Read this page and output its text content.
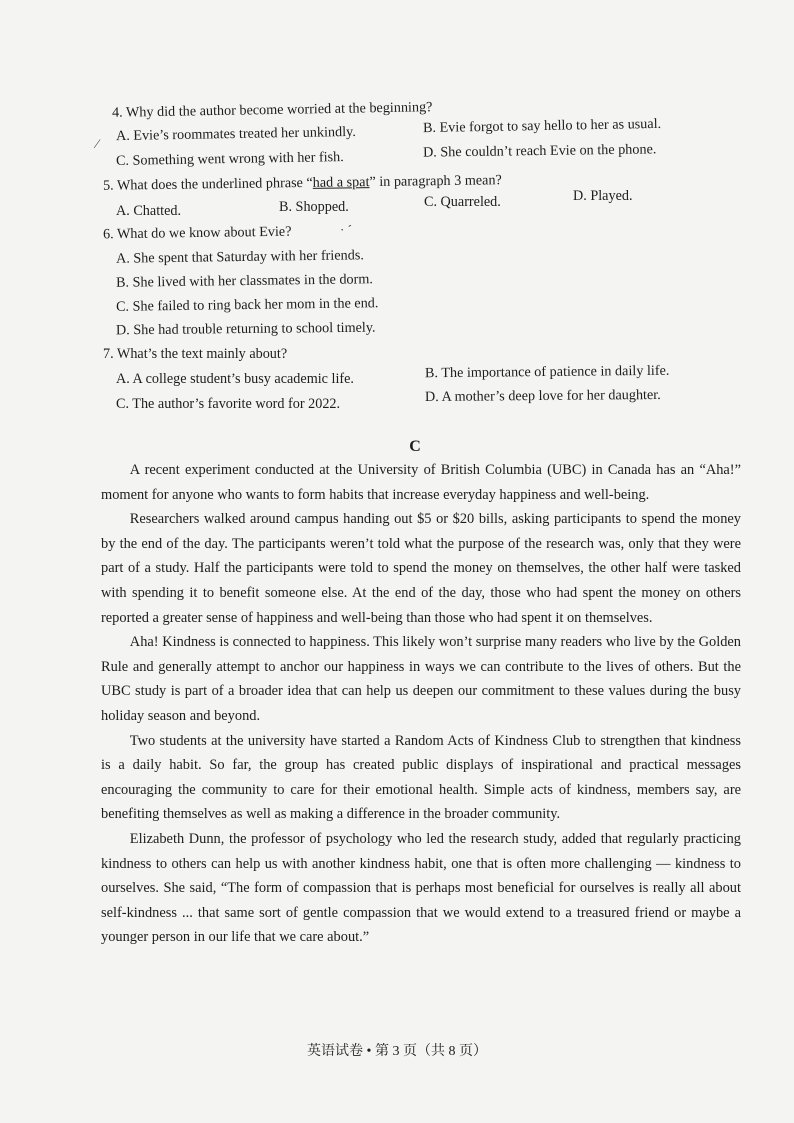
⁄
· ˊ
4. Why did the author become worried at the beginning?
A. Evie’s roommates treated her unkindly.	B. Evie forgot to say hello to her as usual.
C. Something went wrong with her fish.	D. She couldn’t reach Evie on the phone.
5. What does the underlined phrase “had a spat” in paragraph 3 mean?
A. Chatted.	B. Shopped.	C. Quarreled.	D. Played.
6. What do we know about Evie?
A. She spent that Saturday with her friends.
B. She lived with her classmates in the dorm.
C. She failed to ring back her mom in the end.
D. She had trouble returning to school timely.
7. What’s the text mainly about?
A. A college student’s busy academic life.	B. The importance of patience in daily life.
C. The author’s favorite word for 2022.	D. A mother’s deep love for her daughter.
C

A recent experiment conducted at the University of British Columbia (UBC) in Canada has an “Aha!” moment for anyone who wants to form habits that increase everyday happiness and well-being.

Researchers walked around campus handing out $5 or $20 bills, asking participants to spend the money by the end of the day. The participants weren’t told what the purpose of the research was, only that they were part of a study. Half the participants were told to spend the money on themselves, the other half were tasked with spending it to benefit someone else. At the end of the day, those who had spent the money on others reported a greater sense of happiness and well-being than those who had spent it on themselves.

Aha! Kindness is connected to happiness. This likely won’t surprise many readers who live by the Golden Rule and generally attempt to anchor our happiness in ways we can contribute to the lives of others. But the UBC study is part of a broader idea that can help us deepen our commitment to these values during the busy holiday season and beyond.

Two students at the university have started a Random Acts of Kindness Club to strengthen that kindness is a daily habit. So far, the group has created public displays of inspirational and practical messages encouraging the community to care for their emotional health. Simple acts of kindness, members say, are benefiting themselves as well as making a difference in the broader community.

Elizabeth Dunn, the professor of psychology who led the research study, added that regularly practicing kindness to others can help us with another kindness habit, one that is often more challenging — kindness to ourselves. She said, “The form of compassion that is perhaps most beneficial for ourselves is really all about self-kindness ... that same sort of gentle compassion that we would extend to a treasured friend or maybe a younger person in our life that we care about.”

英语试卷 • 第 3 页（共 8 页）
